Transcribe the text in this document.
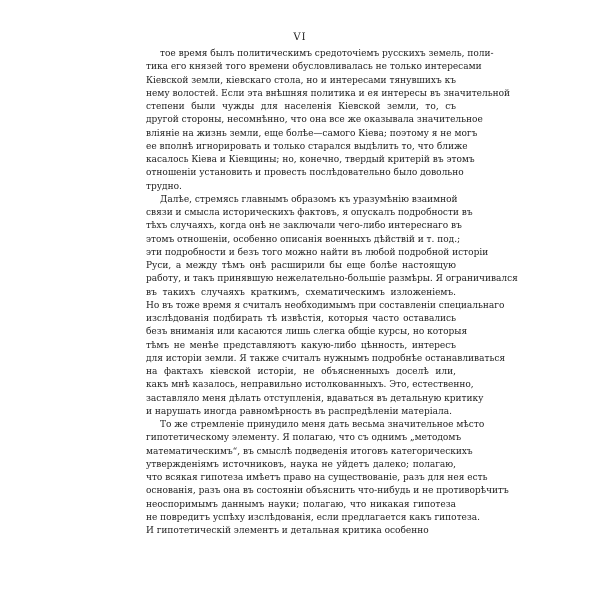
VI
тое время былъ политическимъ средоточiемъ русскихъ земель, поли-
тика его князей того времени обусловливалась не только интересами
Кiевской земли, кiевскаго стола, но и интересами тянувшихъ къ
нему волостей. Если эта внѣшняя политика и ея интересы въ значительной
степени были чужды для населенiя Кiевской земли, то, съ
другой стороны, несомнѣнно, что она все же оказывала значительное
влiянiе на жизнь земли, еще болѣе—самого Кiева; поэтому я не могъ
ее вполнѣ игнорировать и только старался выдѣлить то, что ближе
касалось Кiева и Кiевщины; но, конечно, твердый критерiй въ этомъ
отношенiи установить и провесть послѣдовательно было довольно
трудно.
Далѣе, стремясь главнымъ образомъ къ уразумѣнiю взаимной
связи и смысла историческихъ фактовъ, я опускалъ подробности въ
тѣхъ случаяхъ, когда онѣ не заключали чего-либо интереснаго въ
этомъ отношенiи, особенно описанiя военныхъ дѣйствiй и т. под.;
эти подробности и безъ того можно найти въ любой подробной исторiи
Руси, а между тѣмъ онѣ расширили бы еще болѣе настоящую
работу, и такъ принявшую нежелательно-большiе размѣры. Я ограничивался
въ такихъ случаяхъ краткимъ, схематическимъ изложенiемъ.
Но въ тоже время я считалъ необходимымъ при составленiи специальнаго
изслѣдованiя подбирать тѣ извѣстiя, которыя часто оставались
безъ вниманiя или касаются лишь слегка общiе курсы, но которыя
тѣмъ не менѣе представляютъ какую-либо цѣнность, интересъ
для исторiи земли. Я также считалъ нужнымъ подробнѣе останавливаться
на фактахъ кiевской исторiи, не объясненныхъ доселѣ или,
какъ мнѣ казалось, неправильно истолкованныхъ. Это, естественно,
заставляло меня дѣлать отступленiя, вдаваться въ детальную критику
и нарушать иногда равномѣрность въ распредѣленiи матерiала.
То же стремленiе принудило меня дать весьма значительное мѣсто
гипотетическому элементу. Я полагаю, что съ однимъ „методомъ
математическимъ“, въ смыслѣ подведенiя итоговъ категорическихъ
утвержденiямъ источниковъ, наука не уйдетъ далеко; полагаю,
что всякая гипотеза имѣетъ право на существованiе, разъ для нея есть
основанiя, разъ она въ состоянiи объяснить что-нибудь и не противорѣчитъ
неоспоримымъ даннымъ науки; полагаю, что никакая гипотеза
не повредитъ успѣху изслѣдованiя, если предлагается какъ гипотеза.
И гипотетическiй элементъ и детальная критика особенно
